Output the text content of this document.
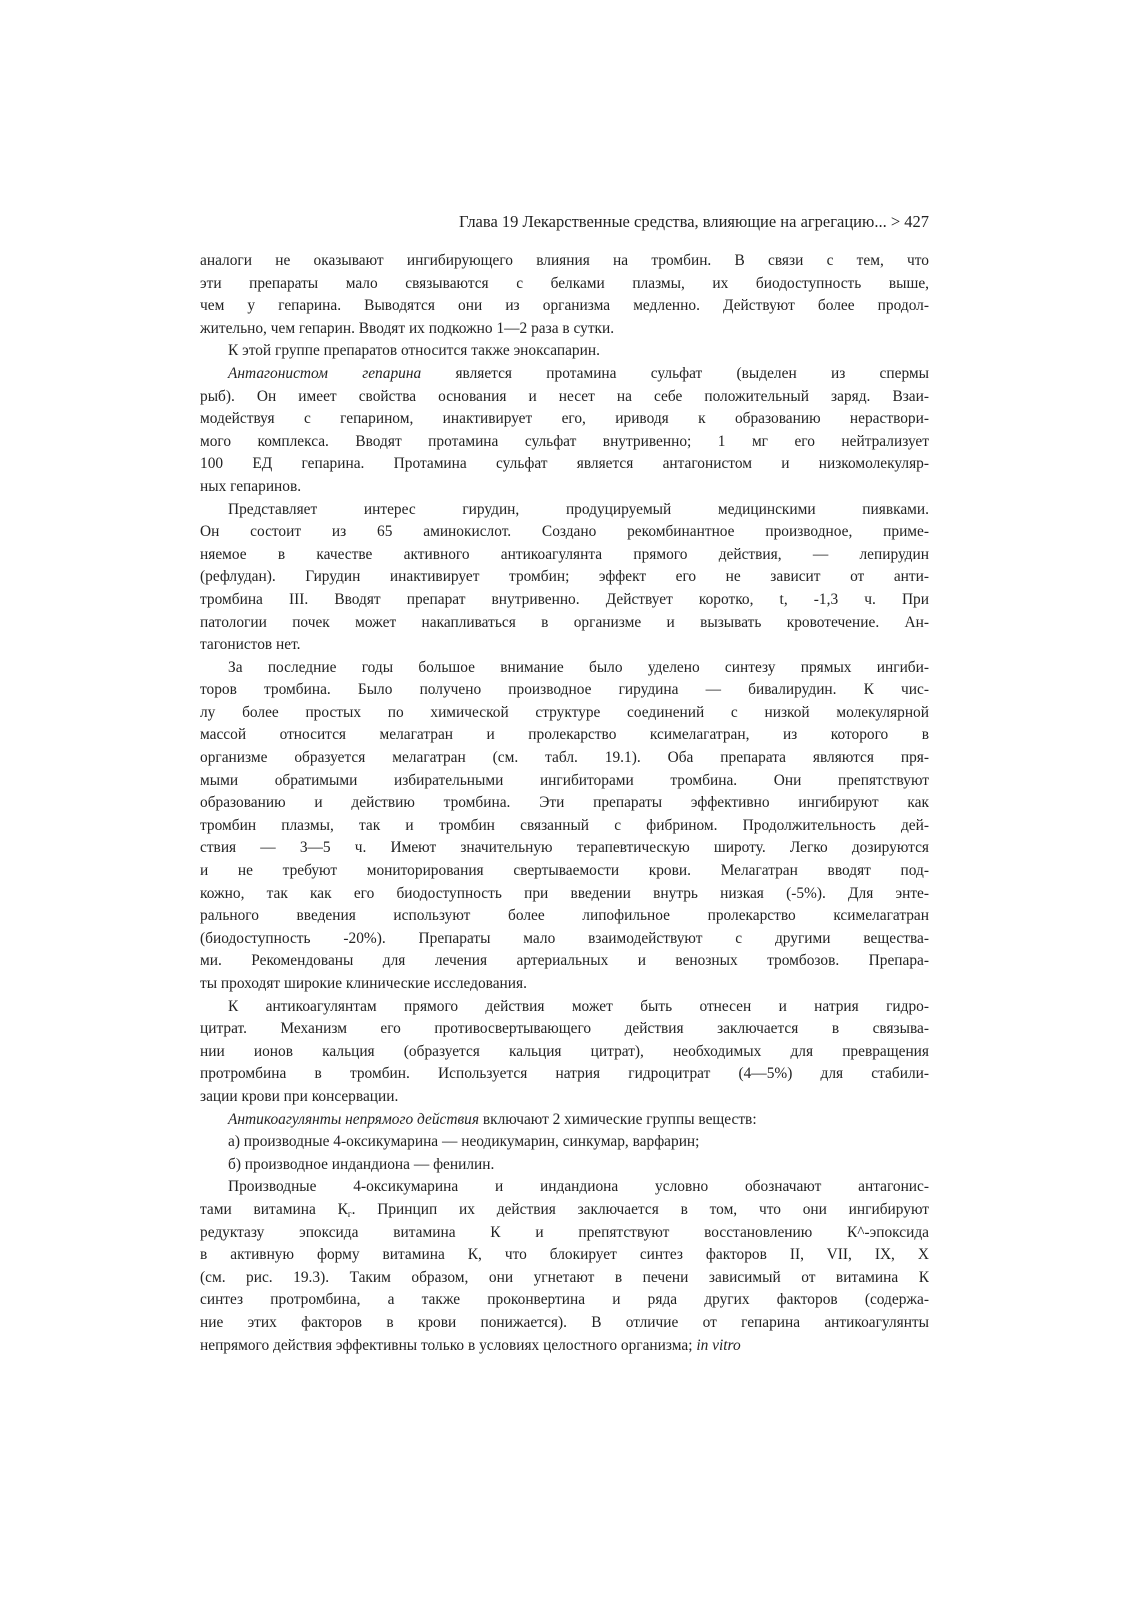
Глава 19 Лекарственные средства, влияющие на агрегацию... > 427
аналоги не оказывают ингибирующего влияния на тромбин. В связи с тем, что
эти препараты мало связываются с белками плазмы, их биодоступность выше,
чем у гепарина. Выводятся они из организма медленно. Действуют более продол-
жительно, чем гепарин. Вводят их подкожно 1—2 раза в сутки.
К этой группе препаратов относится также эноксапарин.
Антагонистом гепарина является протамина сульфат (выделен из спермы
рыб). Он имеет свойства основания и несет на себе положительный заряд. Взаи-
модействуя с гепарином, инактивирует его, ириводя к образованию нераствори-
мого комплекса. Вводят протамина сульфат внутривенно; 1 мг его нейтрализует
100 ЕД гепарина. Протамина сульфат является антагонистом и низкомолекуляр-
ных гепаринов.
Представляет интерес гирудин, продуцируемый медицинскими пиявками.
Он состоит из 65 аминокислот. Создано рекомбинантное производное, приме-
няемое в качестве активного антикоагулянта прямого действия, — лепирудин
(рефлудан). Гирудин инактивирует тромбин; эффект его не зависит от анти-
тромбина III. Вводят препарат внутривенно. Действует коротко, t, -1,3 ч. При
патологии почек может накапливаться в организме и вызывать кровотечение. Ан-
тагонистов нет.
За последние годы большое внимание было уделено синтезу прямых ингиби-
торов тромбина. Было получено производное гирудина — бивалирудин. К чис-
лу более простых по химической структуре соединений с низкой молекулярной
массой относится мелагатран и пролекарство ксимелагатран, из которого в
организме образуется мелагатран (см. табл. 19.1). Оба препарата являются пря-
мыми обратимыми избирательными ингибиторами тромбина. Они препятствуют
образованию и действию тромбина. Эти препараты эффективно ингибируют как
тромбин плазмы, так и тромбин связанный с фибрином. Продолжительность дей-
ствия — 3—5 ч. Имеют значительную терапевтическую широту. Легко дозируются
и не требуют мониторирования свертываемости крови. Мелагатран вводят под-
кожно, так как его биодоступность при введении внутрь низкая (-5%). Для энте-
рального введения используют более липофильное пролекарство ксимелагатран
(биодоступность -20%). Препараты мало взаимодействуют с другими вещества-
ми. Рекомендованы для лечения артериальных и венозных тромбозов. Препара-
ты проходят широкие клинические исследования.
К антикоагулянтам прямого действия может быть отнесен и натрия гидро-
цитрат. Механизм его противосвертывающего действия заключается в связыва-
нии ионов кальция (образуется кальция цитрат), необходимых для превращения
протромбина в тромбин. Используется натрия гидроцитрат (4—5%) для стабили-
зации крови при консервации.
Антикоагулянты непрямого действия включают 2 химические группы веществ:
а) производные 4-оксикумарина — неодикумарин, синкумар, варфарин;
б) производное индандиона — фенилин.
Производные 4-оксикумарина и индандиона условно обозначают антагонис-
тами витамина $К_г$. Принцип их действия заключается в том, что они ингибируют
редуктазу эпоксида витамина К и препятствуют восстановлению К^-эпоксида
в активную форму витамина К, что блокирует синтез факторов II, VII, IX, X
(см. рис. 19.3). Таким образом, они угнетают в печени зависимый от витамина К
синтез протромбина, а также проконвертина и ряда других факторов (содержа-
ние этих факторов в крови понижается). В отличие от гепарина антикоагулянты
непрямого действия эффективны только в условиях целостного организма; in vitro
